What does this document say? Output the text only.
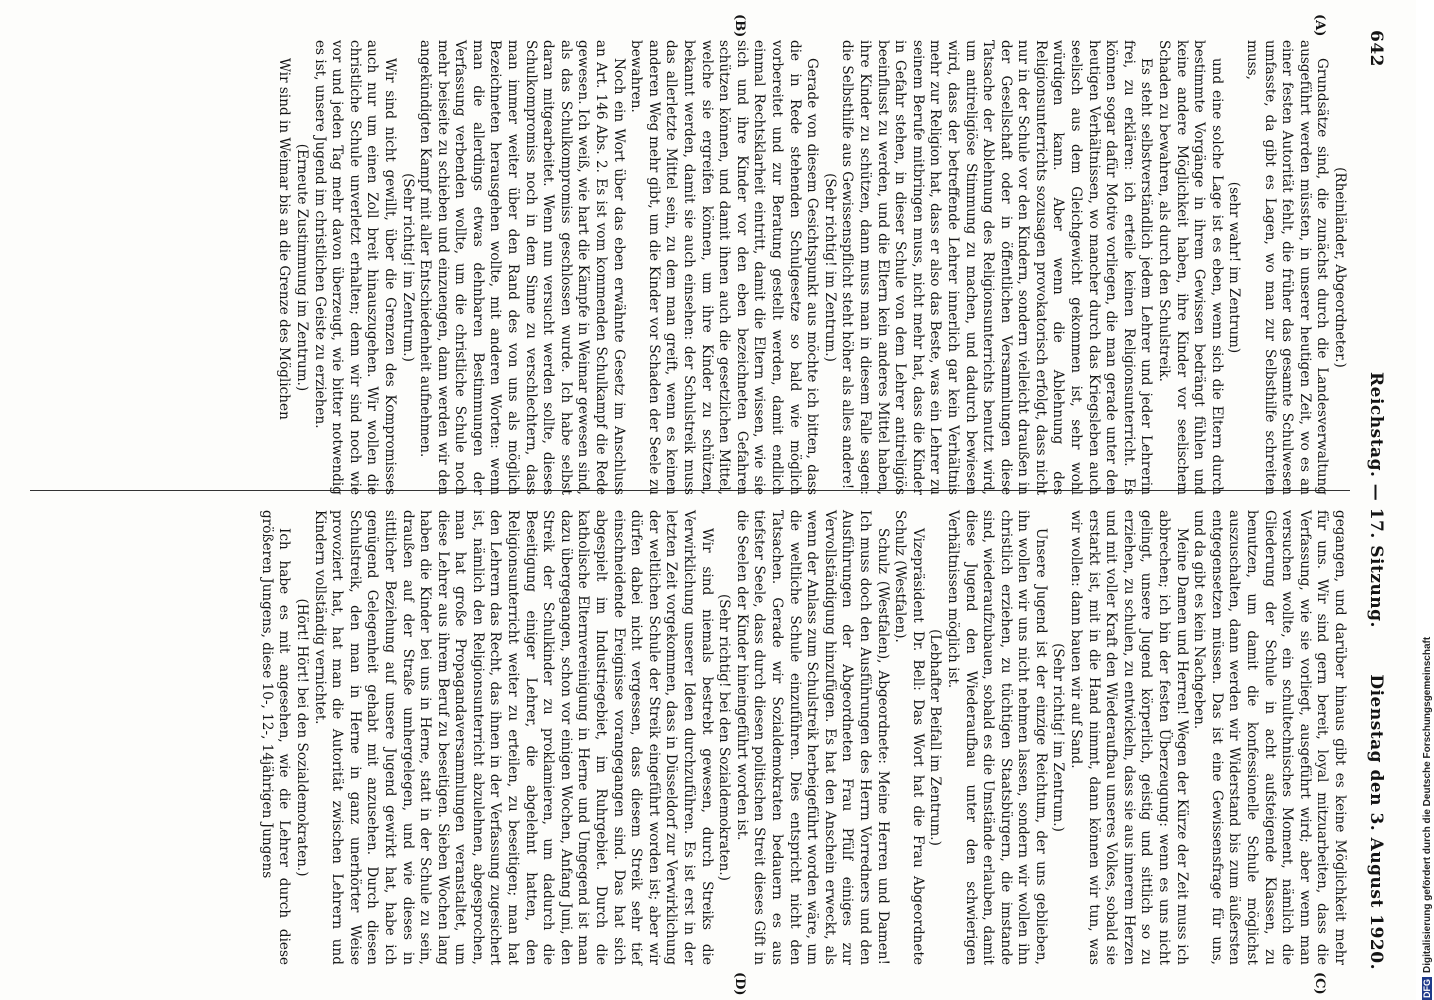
642
Reichstag. — 17. Sitzung.
Dienstag den 3. August 1920.
(A)
(B)

(Rheinländer, Abgeordneter.)

Grundsätze sind, die zunächst durch die Landesverwaltung ausgeführt werden müssten, in unserer heutigen Zeit, wo es an einer festen Autorität fehlt, die früher das gesamte Schulwesen umfasste, da gibt es Lagen, wo man zur Selbsthilfe schreiten muss,

(sehr wahr! im Zentrum)

und eine solche Lage ist es eben, wenn sich die Eltern durch bestimmte Vorgänge in ihrem Gewissen bedrängt fühlen und keine andere Möglichkeit haben, ihre Kinder vor seelischem Schaden zu bewahren, als durch den Schulstreik.

Es steht selbstverständlich jedem Lehrer und jeder Lehrerin frei, zu erklären: ich erteile keinen Religionsunterricht. Es können sogar dafür Motive vorliegen, die man gerade unter den heutigen Verhältnissen, wo mancher durch das Kriegsleben auch seelisch aus dem Gleichgewicht gekommen ist, sehr wohl würdigen kann. Aber wenn die Ablehnung des Religionsunterrichts sozusagen provokatorisch erfolgt, dass nicht nur in der Schule vor den Kindern, sondern vielleicht draußen in der Gesellschaft oder in öffentlichen Versammlungen diese Tatsache der Ablehnung des Religionsunterrichts benutzt wird, um antireligiöse Stimmung zu machen, und dadurch bewiesen wird, dass der betreffende Lehrer innerlich gar kein Verhältnis mehr zur Religion hat, dass er also das Beste, was ein Lehrer zu seinem Berufe mitbringen muss, nicht mehr hat, dass die Kinder in Gefahr stehen, in dieser Schule von dem Lehrer antireligiös beeinflusst zu werden, und die Eltern kein anderes Mittel haben, ihre Kinder zu schützen, dann muss man in diesem Falle sagen: die Selbsthilfe aus Gewissenspflicht steht höher als alles andere!

(Sehr richtig! im Zentrum.)

Gerade von diesem Gesichtspunkt aus möchte ich bitten, dass die in Rede stehenden Schulgesetze so bald wie möglich vorbereitet und zur Beratung gestellt werden, damit endlich einmal Rechtsklarheit eintritt, damit die Eltern wissen, wie sie sich und ihre Kinder vor den eben bezeichneten Gefahren schützen können, und damit ihnen auch die gesetzlichen Mittel, welche sie ergreifen können, um ihre Kinder zu schützen, bekannt werden, damit sie auch einsehen: der Schulstreik muss das allerletzte Mittel sein, zu dem man greift, wenn es keinen anderen Weg mehr gibt, um die Kinder vor Schaden der Seele zu bewahren.

Noch ein Wort über das eben erwähnte Gesetz im Anschluss an Art. 146 Abs. 2. Es ist vom kommenden Schulkampf die Rede gewesen. Ich weiß, wie hart die Kämpfe in Weimar gewesen sind, als das Schulkompromiss geschlossen wurde. Ich habe selbst daran mitgearbeitet. Wenn nun versucht werden sollte, dieses Schulkompromiss noch in dem Sinne zu verschlechtern, dass man immer weiter über den Rand des von uns als möglich Bezeichneten herausgehen wollte, mit anderen Worten: wenn man die allerdings etwas dehnbaren Bestimmungen der Verfassung verbenden wollte, um die christliche Schule noch mehr beiseite zu schieben und einzuengen, dann werden wir den angekündigten Kampf mit aller Entschiedenheit aufnehmen.

(Sehr richtig! im Zentrum.)

Wir sind nicht gewillt, über die Grenzen des Kompromisses auch nur um einen Zoll breit hinauszugehen. Wir wollen die christliche Schule unverletzt erhalten; denn wir sind noch wie vor und jeden Tag mehr davon überzeugt, wie bitter notwendig es ist, unsere Jugend im christlichen Geiste zu erziehen.

(Erneute Zustimmung im Zentrum.)

Wir sind in Weimar bis an die Grenze des Möglichen

(C)
(D)

gegangen, und darüber hinaus gibt es keine Möglichkeit mehr für uns. Wir sind gern bereit, loyal mitzuarbeiten, dass die Verfassung, wie sie vorliegt, ausgeführt wird; aber wenn man versuchen wollte, ein schultechnisches Moment, nämlich die Gliederung der Schule in acht aufsteigende Klassen, zu benutzen, um damit die konfessionelle Schule möglichst auszuschalten, dann werden wir Widerstand bis zum äußersten entgegensetzen müssen. Das ist eine Gewissensfrage für uns, und da gibt es kein Nachgeben.

Meine Damen und Herren! Wegen der Kürze der Zeit muss ich abbrechen; ich bin der festen Überzeugung: wenn es uns nicht gelingt, unsere Jugend körperlich, geistig und sittlich so zu erziehen, zu schulen, zu entwickeln, dass sie aus innerem Herzen und mit voller Kraft den Wiederaufbau unseres Volkes, sobald sie erstarkt ist, mit in die Hand nimmt, dann können wir tun, was wir wollen: dann bauen wir auf Sand.

(Sehr richtig! im Zentrum.)

Unsere Jugend ist der einzige Reichtum, der uns geblieben, ihn wollen wir uns nicht nehmen lassen, sondern wir wollen ihn christlich erziehen, zu tüchtigen Staatsbürgern, die imstande sind, wiederaufzubauen, sobald es die Umstände erlauben, damit diese Jugend den Wiederaufbau unter den schwierigen Verhältnissen möglich ist.

(Lebhafter Beifall im Zentrum.)

Vizepräsident Dr. Bell: Das Wort hat die Frau Abgeordnete Schulz (Westfalen).

Schulz (Westfalen), Abgeordnete: Meine Herren und Damen! Ich muss doch den Ausführungen des Herrn Vorredners und den Ausführungen der Abgeordneten Frau Pfülf einiges zur Vervollständigung hinzufügen. Es hat den Anschein erweckt, als wenn der Anlass zum Schulstreik herbeigeführt worden wäre, um die weltliche Schule einzuführen. Dies entspricht nicht den Tatsachen. Gerade wir Sozialdemokraten bedauern es aus tiefster Seele, dass durch diesen politischen Streit dieses Gift in die Seelen der Kinder hineingeführt worden ist.

(Sehr richtig! bei den Sozialdemokraten.)

Wir sind niemals bestrebt gewesen, durch Streiks die Verwirklichung unserer Ideen durchzuführen. Es ist erst in der letzten Zeit vorgekommen, dass in Düsseldorf zur Verwirklichung der weltlichen Schule der Streik eingeführt worden ist; aber wir dürfen dabei nicht vergessen, dass diesem Streik sehr tief einschneidende Ereignisse vorangegangen sind. Das hat sich abgespielt im Industriegebiet, im Ruhrgebiet. Durch die katholische Elternvereinigung in Herne und Umgegend ist man dazu übergegangen, schon vor einigen Wochen, Anfang Juni, den Streik der Schulkinder zu proklamieren, um dadurch die Beseitigung einiger Lehrer, die abgelehnt hatten, den Religionsunterricht weiter zu erteilen, zu beseitigen; man hat den Lehrern das Recht, das ihnen in der Verfassung zugesichert ist, nämlich den Religionsunterricht abzulehnen, abgesprochen, man hat große Propagandaversammlungen veranstaltet, um diese Lehrer aus ihrem Beruf zu beseitigen. Sieben Wochen lang haben die Kinder bei uns in Herne, statt in der Schule zu sein, draußen auf der Straße umhergelegen, und wie dieses in sittlicher Beziehung auf unsere Jugend gewirkt hat, habe ich genügend Gelegenheit gehabt mit anzusehen. Durch diesen Schulstreik, den man in Herne in ganz unerhörter Weise provoziert hat, hat man die Autorität zwischen Lehrern und Kindern vollständig vernichtet.

(Hört! Hört! bei den Sozialdemokraten.)

Ich habe es mit angesehen, wie die Lehrer durch diese größeren Jungens, diese 10-, 12-, 14jährigen Jungens

DFGDigitalisierung gefördert durch die Deutsche Forschungsgemeinschaft
